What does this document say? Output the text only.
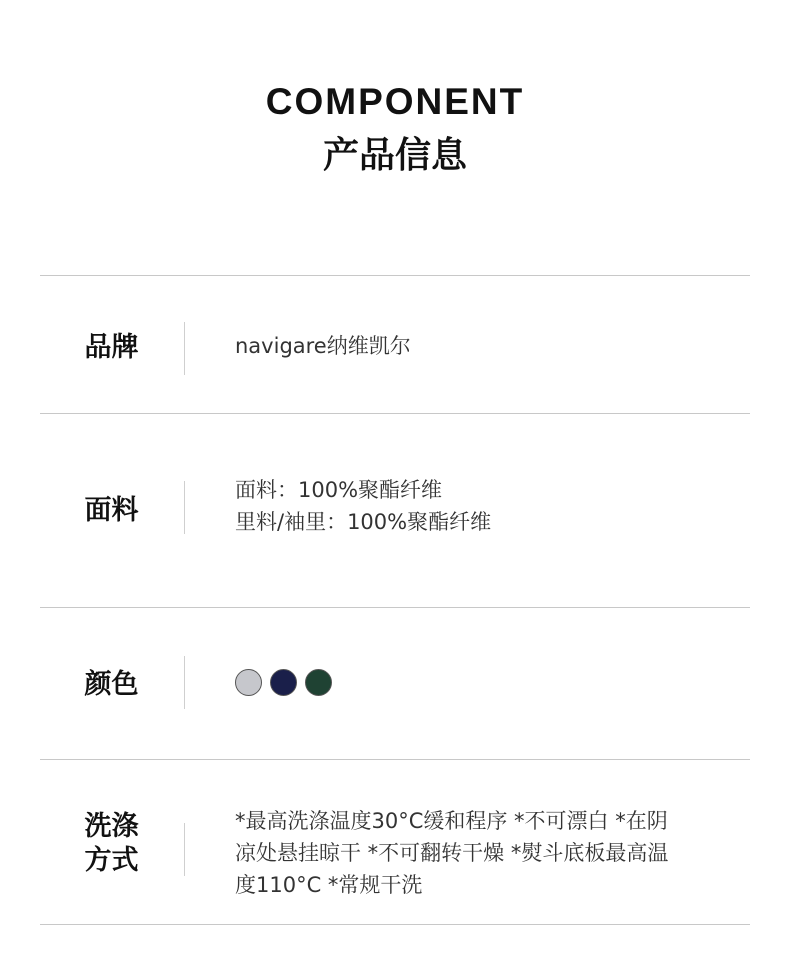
COMPONENT
产品信息
品牌	navigare纳维凯尔
面料
面料：100%聚酯纤维
里料/袖里：100%聚酯纤维
颜色
洗涤
方式
*最高洗涤温度30°C缓和程序 *不可漂白 *在阴
凉处悬挂晾干 *不可翻转干燥 *熨斗底板最高温
度110°C *常规干洗
